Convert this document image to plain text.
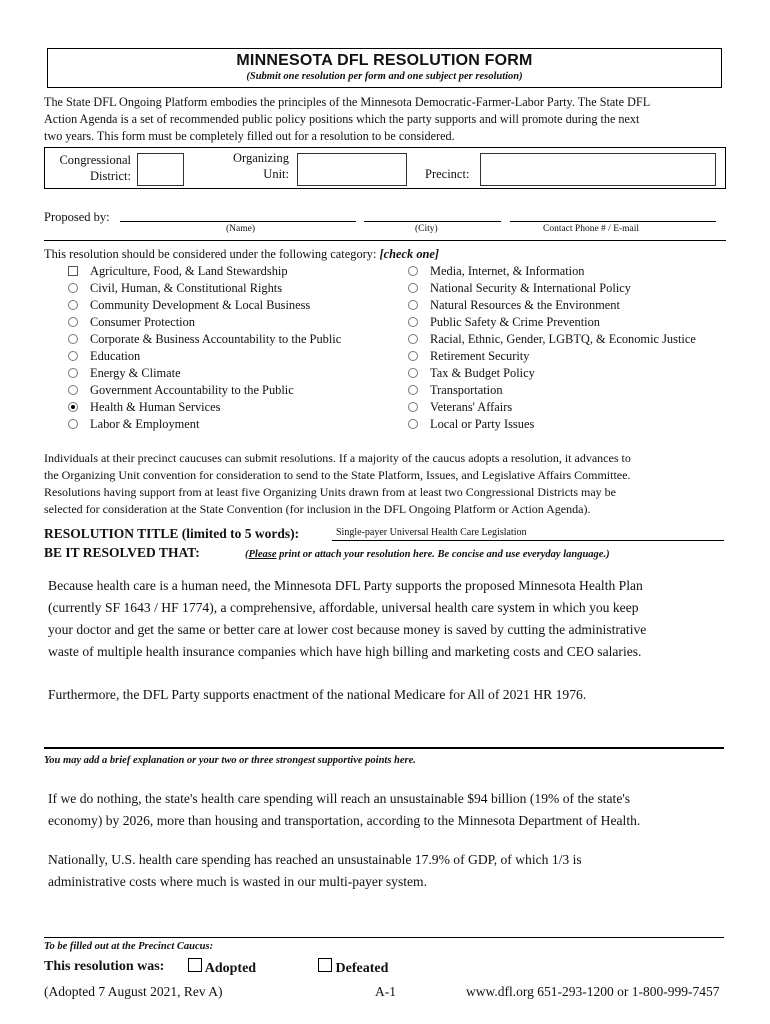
MINNESOTA DFL RESOLUTION FORM
(Submit one resolution per form and one subject per resolution)
The State DFL Ongoing Platform embodies the principles of the Minnesota Democratic-Farmer-Labor Party. The State DFL
Action Agenda is a set of recommended public policy positions which the party supports and will promote during the next
two years. This form must be completely filled out for a resolution to be considered.
Congressional
District:
Organizing
Unit:	Precinct:
Proposed by:
(Name)	(City)	Contact Phone # / E-mail
This resolution should be considered under the following category: [check one]
Agriculture, Food, & Land Stewardship
Civil, Human, & Constitutional Rights
Community Development & Local Business
Consumer Protection
Corporate & Business Accountability to the Public
Education
Energy & Climate
Government Accountability to the Public
Health & Human Services
Labor & Employment
Media, Internet, & Information
National Security & International Policy
Natural Resources & the Environment
Public Safety & Crime Prevention
Racial, Ethnic, Gender, LGBTQ, & Economic Justice
Retirement Security
Tax & Budget Policy
Transportation
Veterans' Affairs
Local or Party Issues
Individuals at their precinct caucuses can submit resolutions. If a majority of the caucus adopts a resolution, it advances to
the Organizing Unit convention for consideration to send to the State Platform, Issues, and Legislative Affairs Committee.
Resolutions having support from at least five Organizing Units drawn from at least two Congressional Districts may be
selected for consideration at the State Convention (for inclusion in the DFL Ongoing Platform or Action Agenda).
RESOLUTION TITLE (limited to 5 words):	Single-payer Universal Health Care Legislation
BE IT RESOLVED THAT:	(Please print or attach your resolution here. Be concise and use everyday language.)
Because health care is a human need, the Minnesota DFL Party supports the proposed Minnesota Health Plan
(currently SF 1643 / HF 1774), a comprehensive, affordable, universal health care system in which you keep
your doctor and get the same or better care at lower cost because money is saved by cutting the administrative
waste of multiple health insurance companies which have high billing and marketing costs and CEO salaries.
Furthermore, the DFL Party supports enactment of the national Medicare for All of 2021 HR 1976.
You may add a brief explanation or your two or three strongest supportive points here.
If we do nothing, the state's health care spending will reach an unsustainable $94 billion (19% of the state's
economy) by 2026, more than housing and transportation, according to the Minnesota Department of Health.
Nationally, U.S. health care spending has reached an unsustainable 17.9% of GDP, of which 1/3 is
administrative costs where much is wasted in our multi-payer system.
To be filled out at the Precinct Caucus:
This resolution was:	Adopted	Defeated
(Adopted 7 August 2021, Rev A)	A-1	www.dfl.org 651-293-1200 or 1-800-999-7457
